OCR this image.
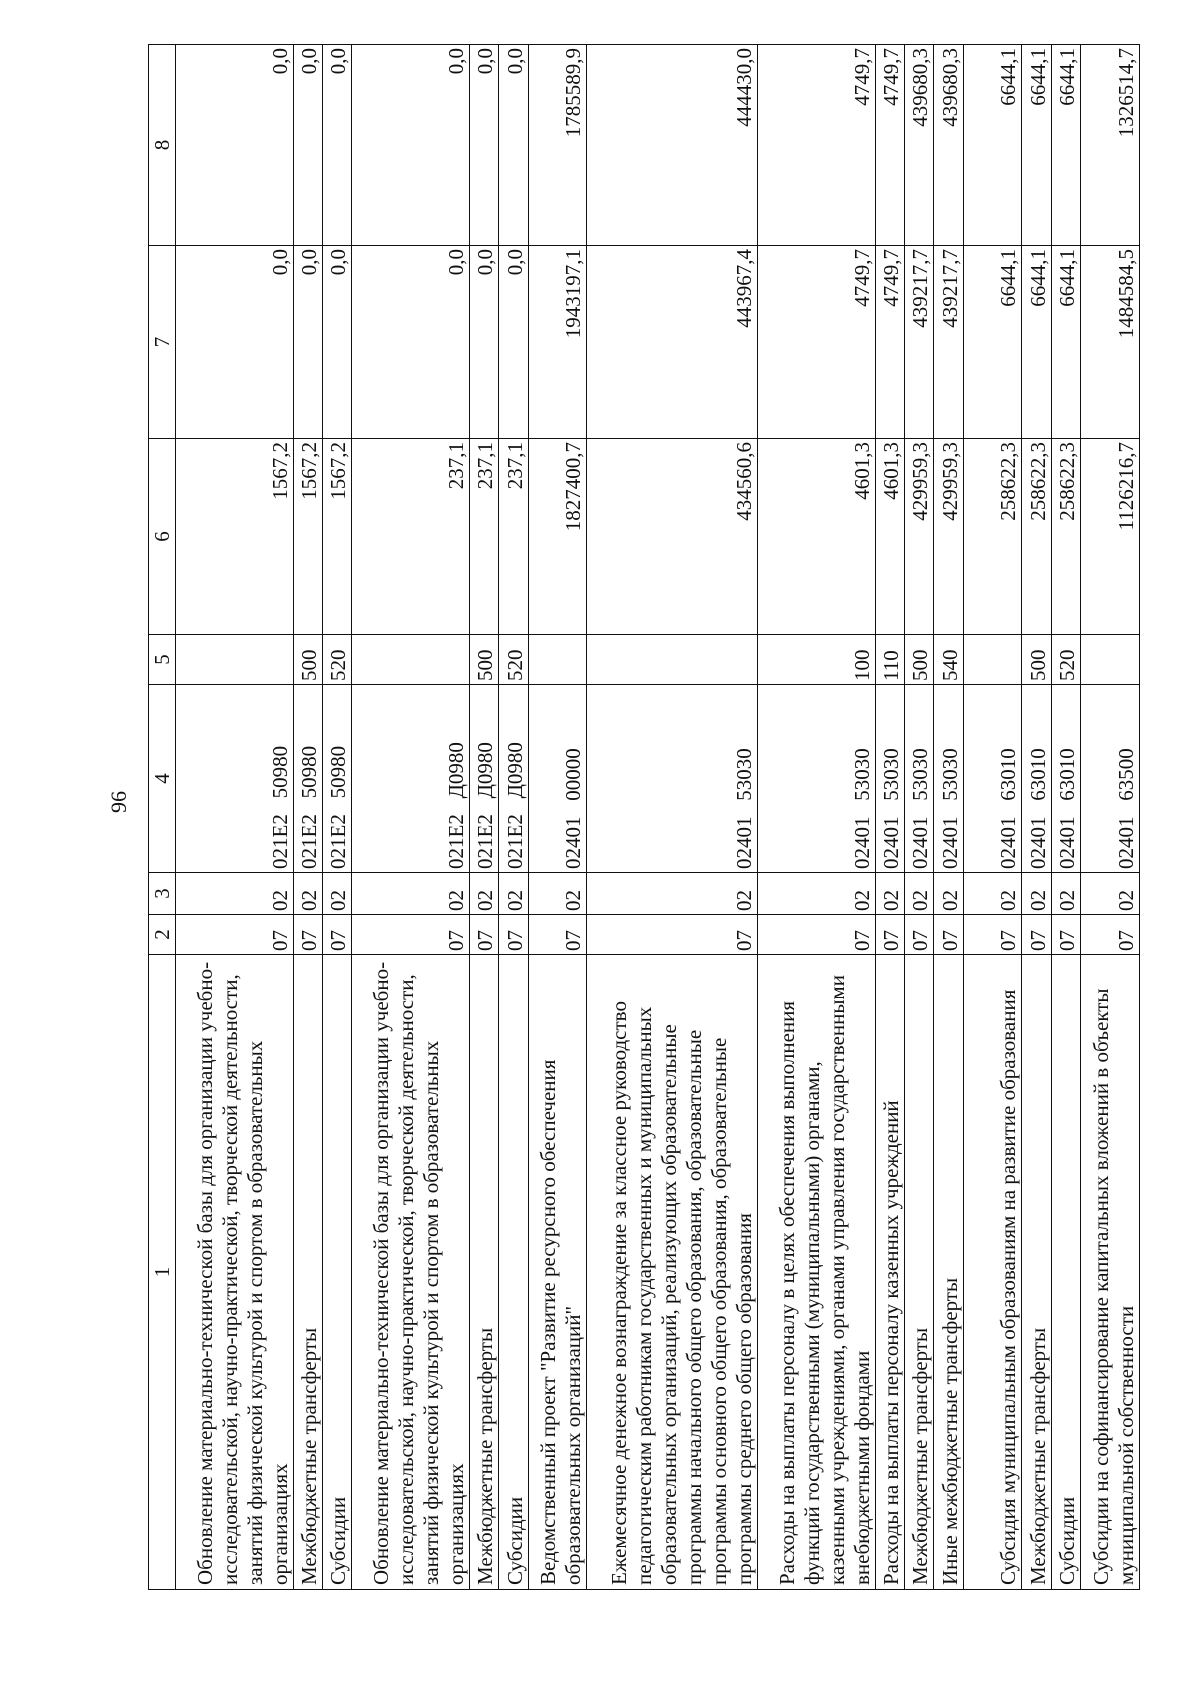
96
1	2	3	4	5	6	7	8
Обновление материально-технической базы для организации учебно-исследовательской, научно-практической, творческой деятельности, занятий физической культурой и спортом в образовательных организациях	07	02	021Е2   50980		1567,2	0,0	0,0
Межбюджетные трансферты	07	02	021Е2   50980	500	1567,2	0,0	0,0
Субсидии	07	02	021Е2   50980	520	1567,2	0,0	0,0
Обновление материально-технической базы для организации учебно-исследовательской, научно-практической, творческой деятельности, занятий физической культурой и спортом в образовательных организациях	07	02	021Е2   Д0980		237,1	0,0	0,0
Межбюджетные трансферты	07	02	021Е2   Д0980	500	237,1	0,0	0,0
Субсидии	07	02	021Е2   Д0980	520	237,1	0,0	0,0
Ведомственный проект "Развитие ресурсного обеспечения образовательных организаций"	07	02	02401   00000		1827400,7	1943197,1	1785589,9
Ежемесячное денежное вознаграждение за классное руководство педагогическим работникам государственных и муниципальных образовательных организаций, реализующих образовательные программы начального общего образования, образовательные программы основного общего образования, образовательные программы среднего общего образования	07	02	02401   53030		434560,6	443967,4	444430,0
Расходы на выплаты персоналу в целях обеспечения выполнения функций государственными (муниципальными) органами, казенными учреждениями, органами управления государственными внебюджетными фондами	07	02	02401   53030	100	4601,3	4749,7	4749,7
Расходы на выплаты персоналу казенных учреждений	07	02	02401   53030	110	4601,3	4749,7	4749,7
Межбюджетные трансферты	07	02	02401   53030	500	429959,3	439217,7	439680,3
Иные межбюджетные трансферты	07	02	02401   53030	540	429959,3	439217,7	439680,3
Субсидия муниципальным образованиям на развитие образования	07	02	02401   63010		258622,3	6644,1	6644,1
Межбюджетные трансферты	07	02	02401   63010	500	258622,3	6644,1	6644,1
Субсидии	07	02	02401   63010	520	258622,3	6644,1	6644,1
Субсидии на софинансирование капитальных вложений в объекты муниципальной собственности	07	02	02401   63500		1126216,7	1484584,5	1326514,7
